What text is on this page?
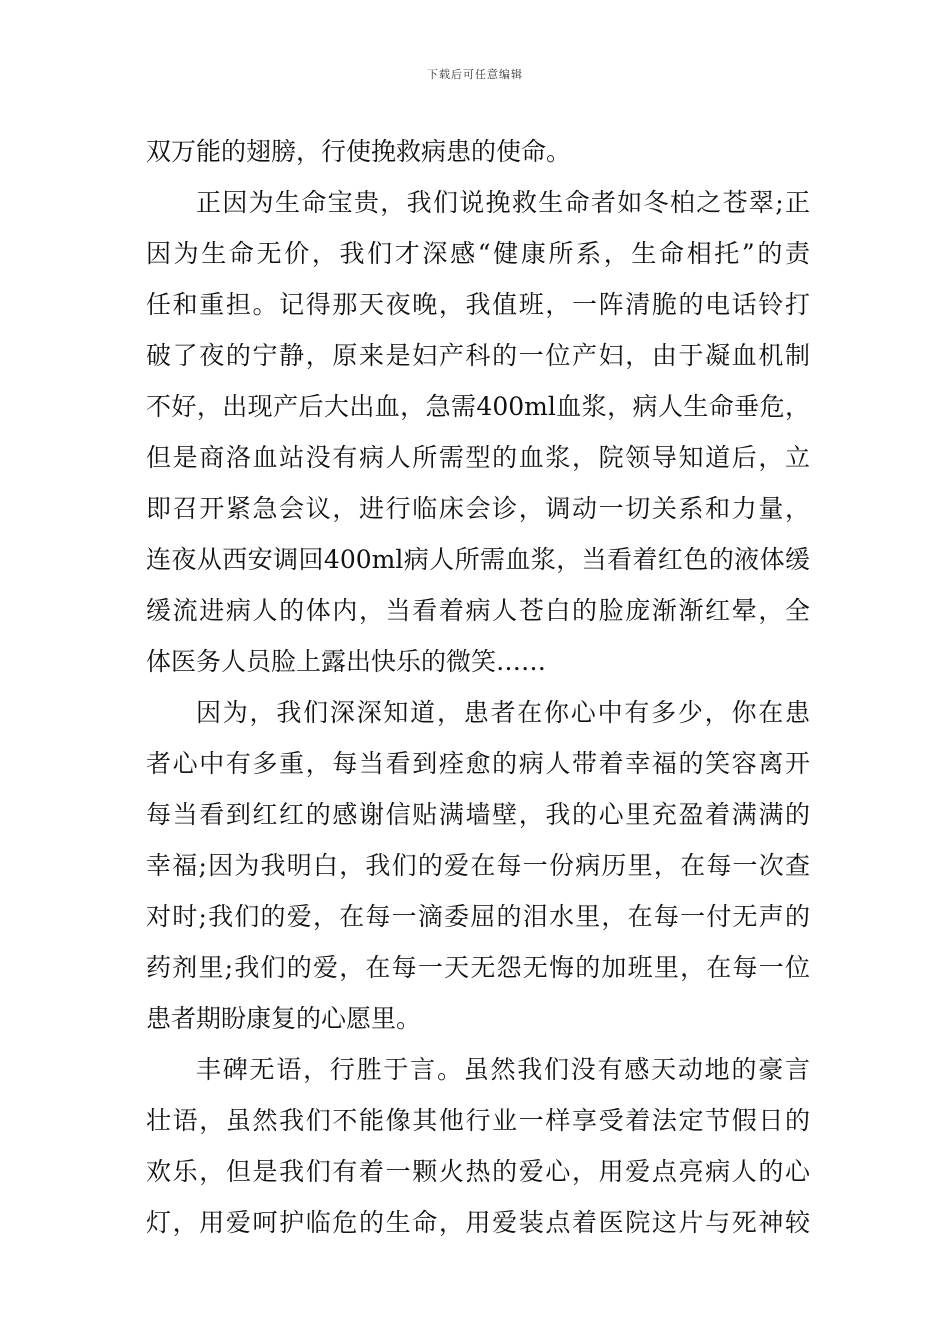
下载后可任意编辑
双万能的翅膀，行使挽救病患的使命。
正因为生命宝贵，我们说挽救生命者如冬柏之苍翠;正
因为生命无价，我们才深感“健康所系，生命相托”的责
任和重担。记得那天夜晚，我值班，一阵清脆的电话铃打
破了夜的宁静，原来是妇产科的一位产妇，由于凝血机制
不好，出现产后大出血，急需400ml血浆，病人生命垂危，
但是商洛血站没有病人所需型的血浆，院领导知道后，立
即召开紧急会议，进行临床会诊，调动一切关系和力量，
连夜从西安调回400ml病人所需血浆，当看着红色的液体缓
缓流进病人的体内，当看着病人苍白的脸庞渐渐红晕，全
体医务人员脸上露出快乐的微笑……
因为，我们深深知道，患者在你心中有多少，你在患
者心中有多重，每当看到痊愈的病人带着幸福的笑容离开
每当看到红红的感谢信贴满墙壁，我的心里充盈着满满的
幸福;因为我明白，我们的爱在每一份病历里，在每一次查
对时;我们的爱，在每一滴委屈的泪水里，在每一付无声的
药剂里;我们的爱，在每一天无怨无悔的加班里，在每一位
患者期盼康复的心愿里。
丰碑无语，行胜于言。虽然我们没有感天动地的豪言
壮语，虽然我们不能像其他行业一样享受着法定节假日的
欢乐，但是我们有着一颗火热的爱心，用爱点亮病人的心
灯，用爱呵护临危的生命，用爱装点着医院这片与死神较
